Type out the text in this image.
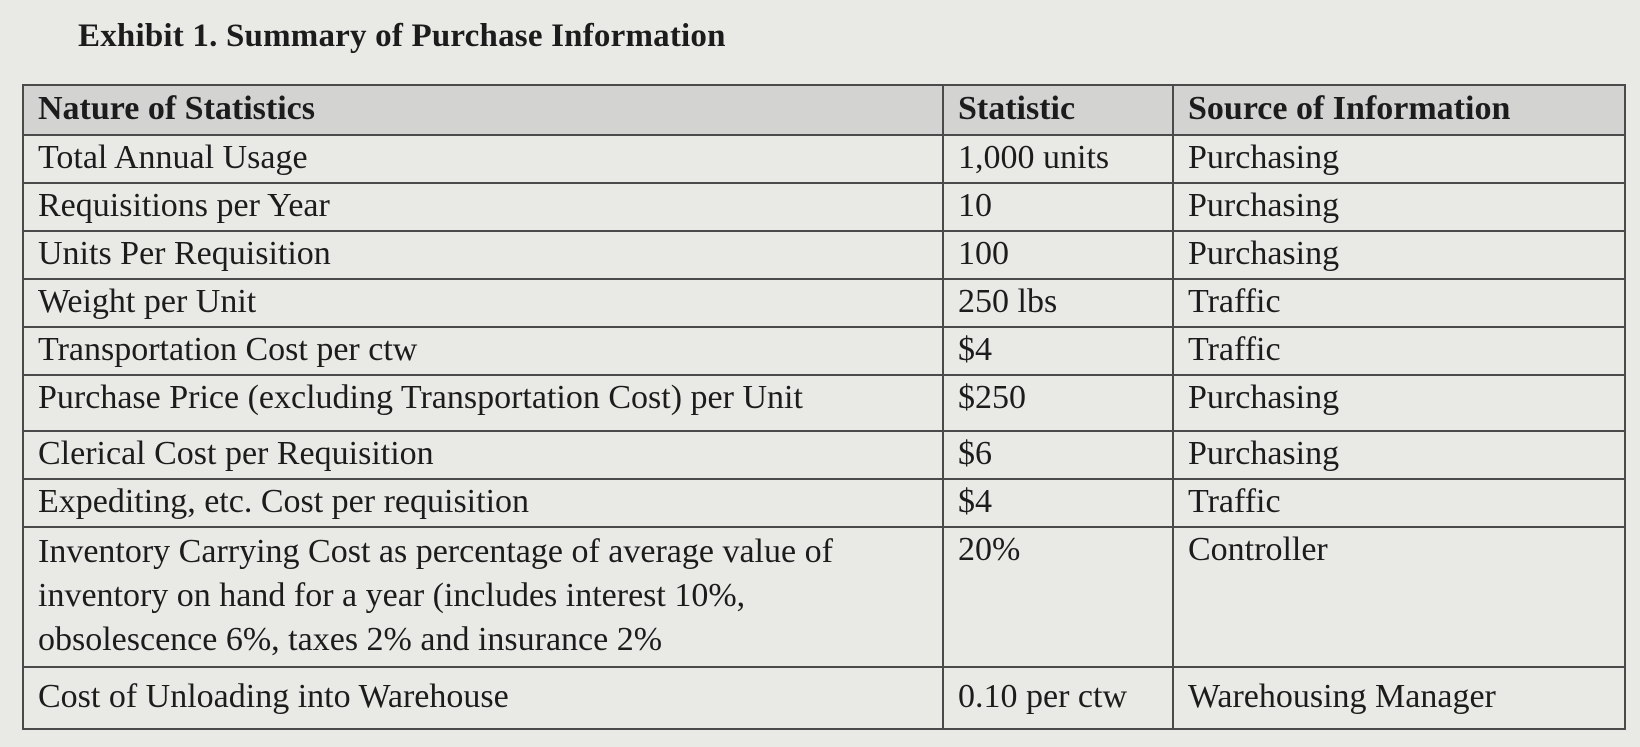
Exhibit 1. Summary of Purchase Information
Nature of Statistics	Statistic	Source of Information
Total Annual Usage	1,000 units	Purchasing
Requisitions per Year	10	Purchasing
Units Per Requisition	100	Purchasing
Weight per Unit	250 lbs	Traffic
Transportation Cost per ctw	$4	Traffic
Purchase Price (excluding Transportation Cost) per Unit	$250	Purchasing
Clerical Cost per Requisition	$6	Purchasing
Expediting, etc. Cost per requisition	$4	Traffic
Inventory Carrying Cost as percentage of average value of inventory on hand for a year (includes interest 10%, obsolescence 6%, taxes 2% and insurance 2%	20%	Controller
Cost of Unloading into Warehouse	0.10 per ctw	Warehousing Manager
